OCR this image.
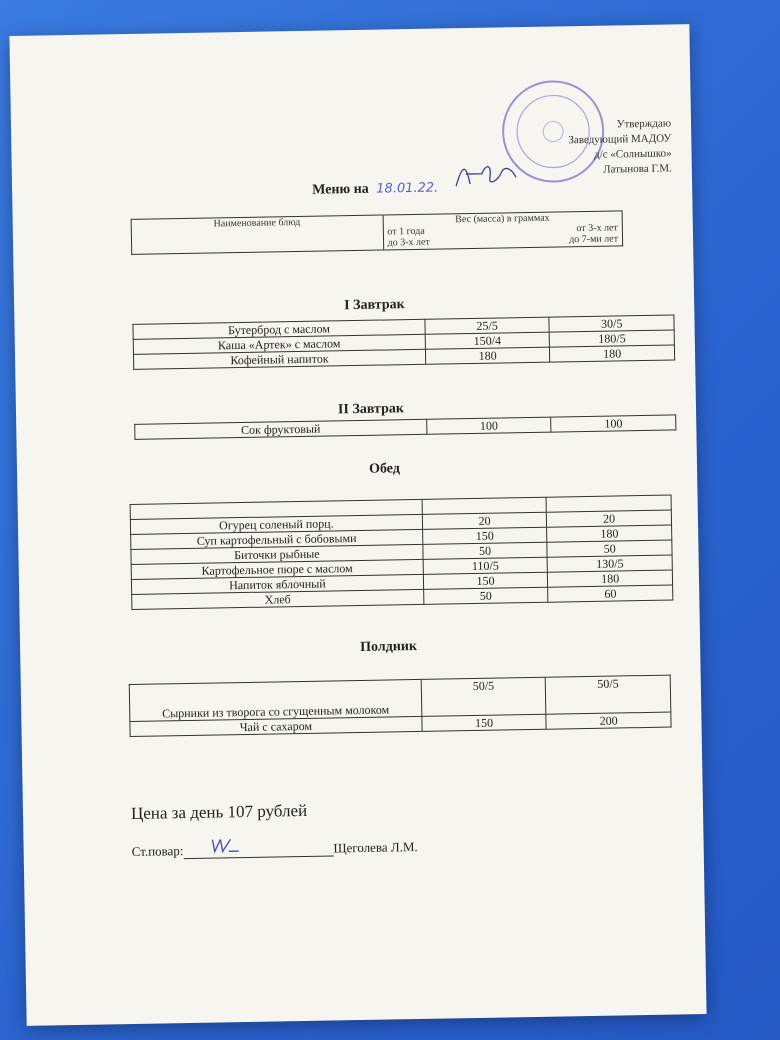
Утверждаю
Заведующий МАДОУ
д/с «Солнышко»
Латынова Г.М.
Меню на 18.01.22.
Наименование блюд	Вес (масса) в граммах
от 1 года	от 3-х лет
до 3-х лет	до 7-ми лет
I Завтрак
Бутерброд с маслом	25/5	30/5
Каша «Артек» с маслом	150/4	180/5
Кофейный напиток	180	180
II Завтрак
Сок фруктовый	100	100
Обед

Огурец соленый порц.	20	20
Суп картофельный с бобовыми	150	180
Биточки рыбные	50	50
Картофельное пюре с маслом	110/5	130/5
Напиток яблочный	150	180
Хлеб	50	60
Полдник
Сырники из творога со сгущенным молоком	50/5	50/5
Чай с сахаром	150	200
Цена за день 107 рублей
Ст.повар:	Щеголева Л.М.
